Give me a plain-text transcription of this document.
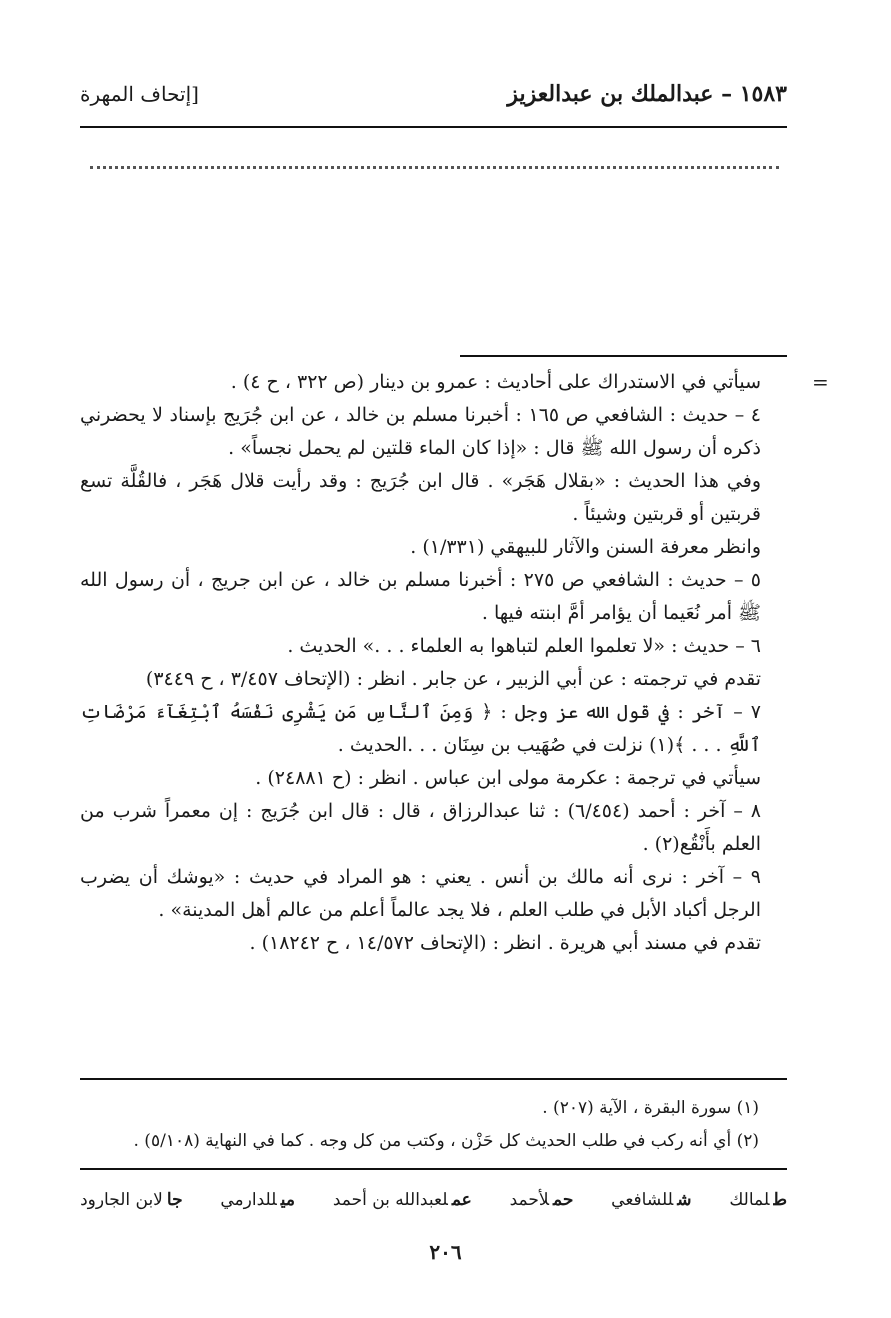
١٥٨٣ – عبدالملك بن عبدالعزيز
[إتحاف المهرة
=

سيأتي في الاستدراك على أحاديث : عمرو بن دينار (ص ٣٢٢ ، ح ٤) .

٤ – حديث : الشافعي ص ١٦٥ : أخبرنا مسلم بن خالد ، عن ابن جُرَيج بإسناد لا يحضرني ذكره أن رسول الله ﷺ قال : «إذا كان الماء قلتين لم يحمل نجساً» .

وفي هذا الحديث : «بقلال هَجَر» . قال ابن جُرَيج : وقد رأيت قلال هَجَر ، فالقُلَّة تسع قربتين أو قربتين وشيئاً .

وانظر معرفة السنن والآثار للبيهقي (١/٣٣١) .

٥ – حديث : الشافعي ص ٢٧٥ : أخبرنا مسلم بن خالد ، عن ابن جريج ، أن رسول الله ﷺ أمر نُعَيما أن يؤامر أمَّ ابنته فيها .

٦ – حديث : «لا تعلموا العلم لتباهوا به العلماء . . .» الحديث .

تقدم في ترجمته : عن أبي الزبير ، عن جابر . انظر : (الإتحاف ٣/٤٥٧ ، ح ٣٤٤٩)

٧ – آخر : في قول الله عز وجل : ﴿ وَمِنَ ٱلنَّاسِ مَن يَشْرِى نَفْسَهُ ٱبْتِغَآءَ مَرْضَاتِ ٱللَّهِ . . . ﴾(١) نزلت في صُهَيب بن سِنَان . . .الحديث .

سيأتي في ترجمة : عكرمة مولى ابن عباس . انظر : (ح ٢٤٨٨١) .

٨ – آخر : أحمد (٦/٤٥٤) : ثنا عبدالرزاق ، قال : قال ابن جُرَيج : إن معمراً شرب من العلم بأَنْقُع(٢) .

٩ – آخر : نرى أنه مالك بن أنس . يعني : هو المراد في حديث : «يوشك أن يضرب الرجل أكباد الأبل في طلب العلم ، فلا يجد عالماً أعلم من عالم أهل المدينة» .

تقدم في مسند أبي هريرة . انظر : (الإتحاف ١٤/٥٧٢ ، ح ١٨٢٤٢) .

(١) سورة البقرة ، الآية (٢٠٧) .

(٢) أي أنه ركب في طلب الحديث كل حَزْن ، وكتب من كل وجه . كما في النهاية (٥/١٠٨) .

طلمالك
شللشافعي
حملأحمد
عملعبدالله بن أحمد
ميللدارمي
جالابن الجارود
٢٠٦
